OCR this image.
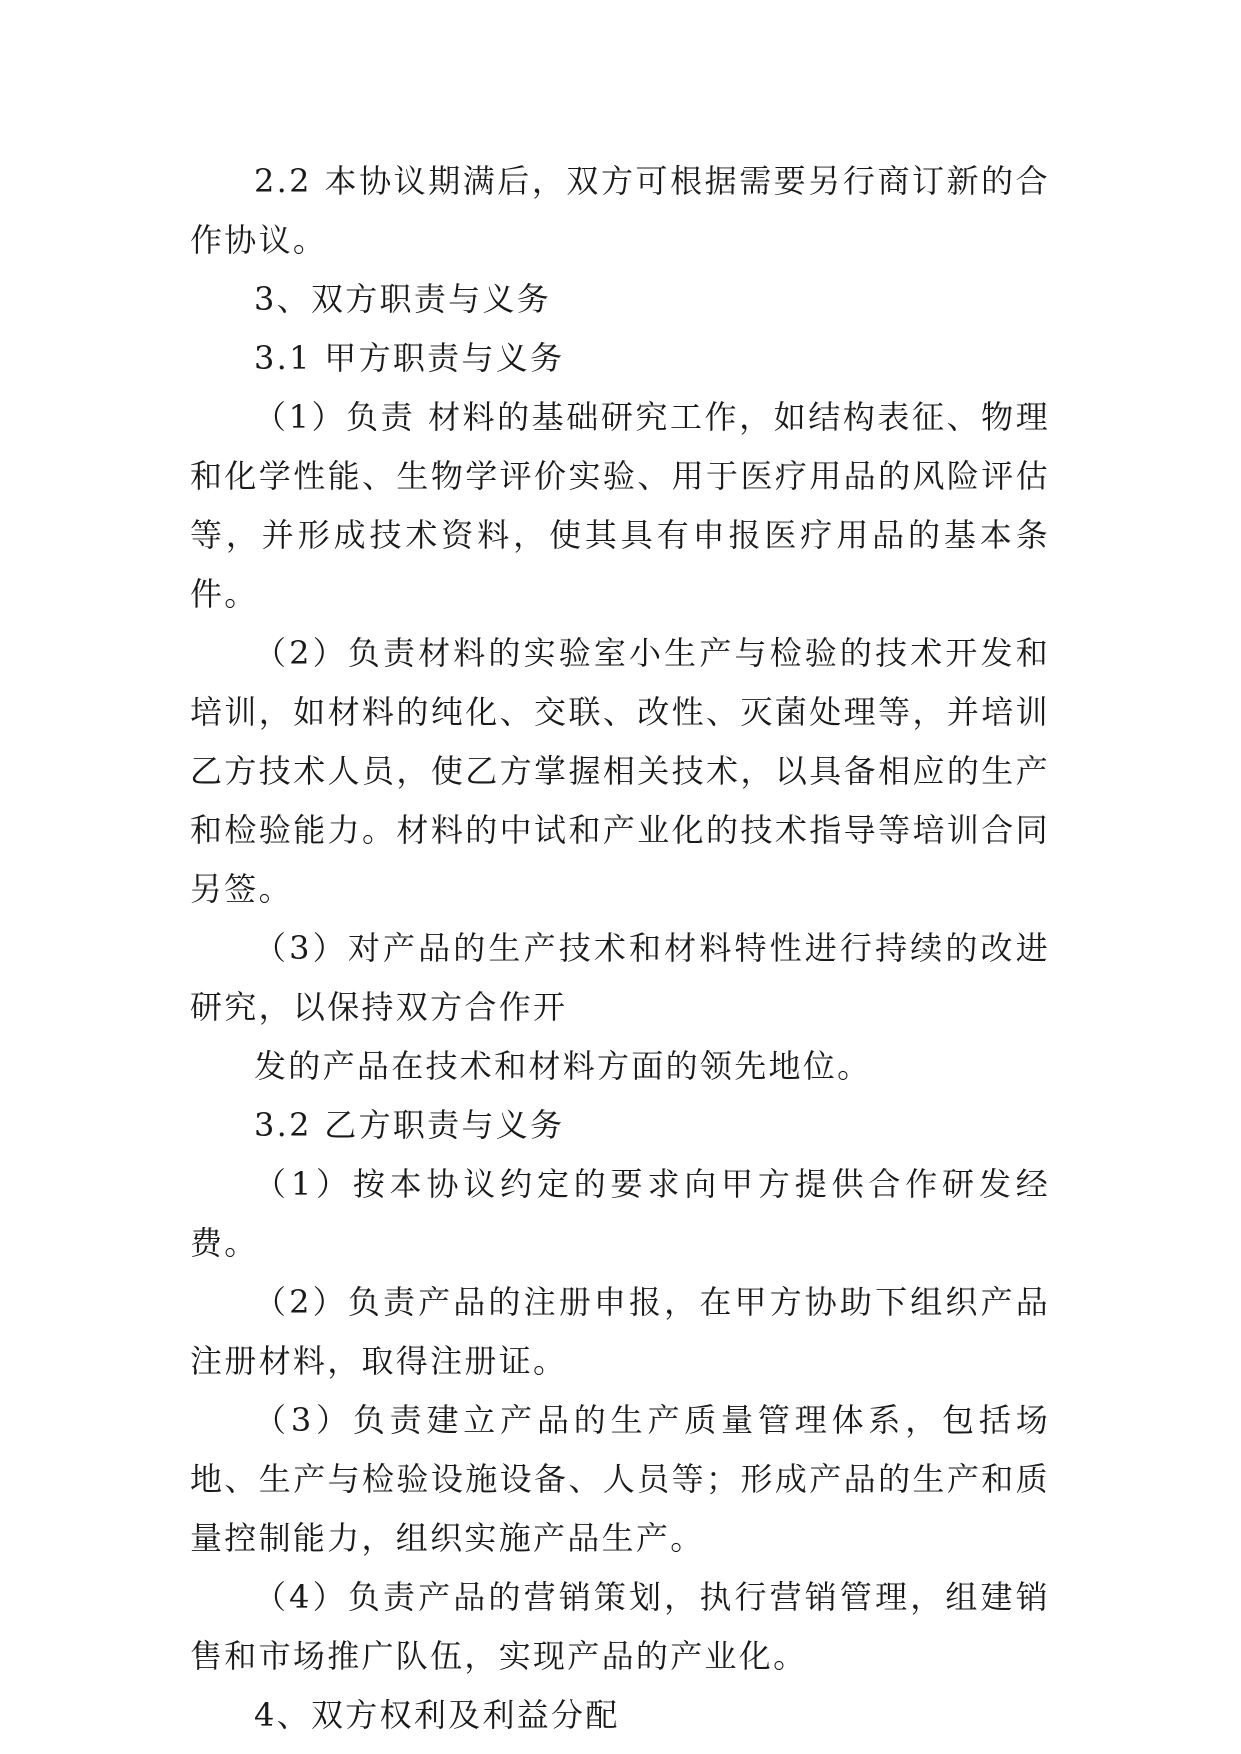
2.2 本协议期满后，双方可根据需要另行商订新的合作协议。

3、双方职责与义务

3.1 甲方职责与义务

（1）负责 材料的基础研究工作，如结构表征、物理和化学性能、生物学评价实验、用于医疗用品的风险评估等，并形成技术资料，使其具有申报医疗用品的基本条件。

（2）负责材料的实验室小生产与检验的技术开发和培训，如材料的纯化、交联、改性、灭菌处理等，并培训乙方技术人员，使乙方掌握相关技术，以具备相应的生产和检验能力。材料的中试和产业化的技术指导等培训合同另签。

（3）对产品的生产技术和材料特性进行持续的改进研究，以保持双方合作开

发的产品在技术和材料方面的领先地位。

3.2 乙方职责与义务

（1）按本协议约定的要求向甲方提供合作研发经费。

（2）负责产品的注册申报，在甲方协助下组织产品注册材料，取得注册证。

（3）负责建立产品的生产质量管理体系，包括场地、生产与检验设施设备、人员等；形成产品的生产和质量控制能力，组织实施产品生产。

（4）负责产品的营销策划，执行营销管理，组建销售和市场推广队伍，实现产品的产业化。

4、双方权利及利益分配
